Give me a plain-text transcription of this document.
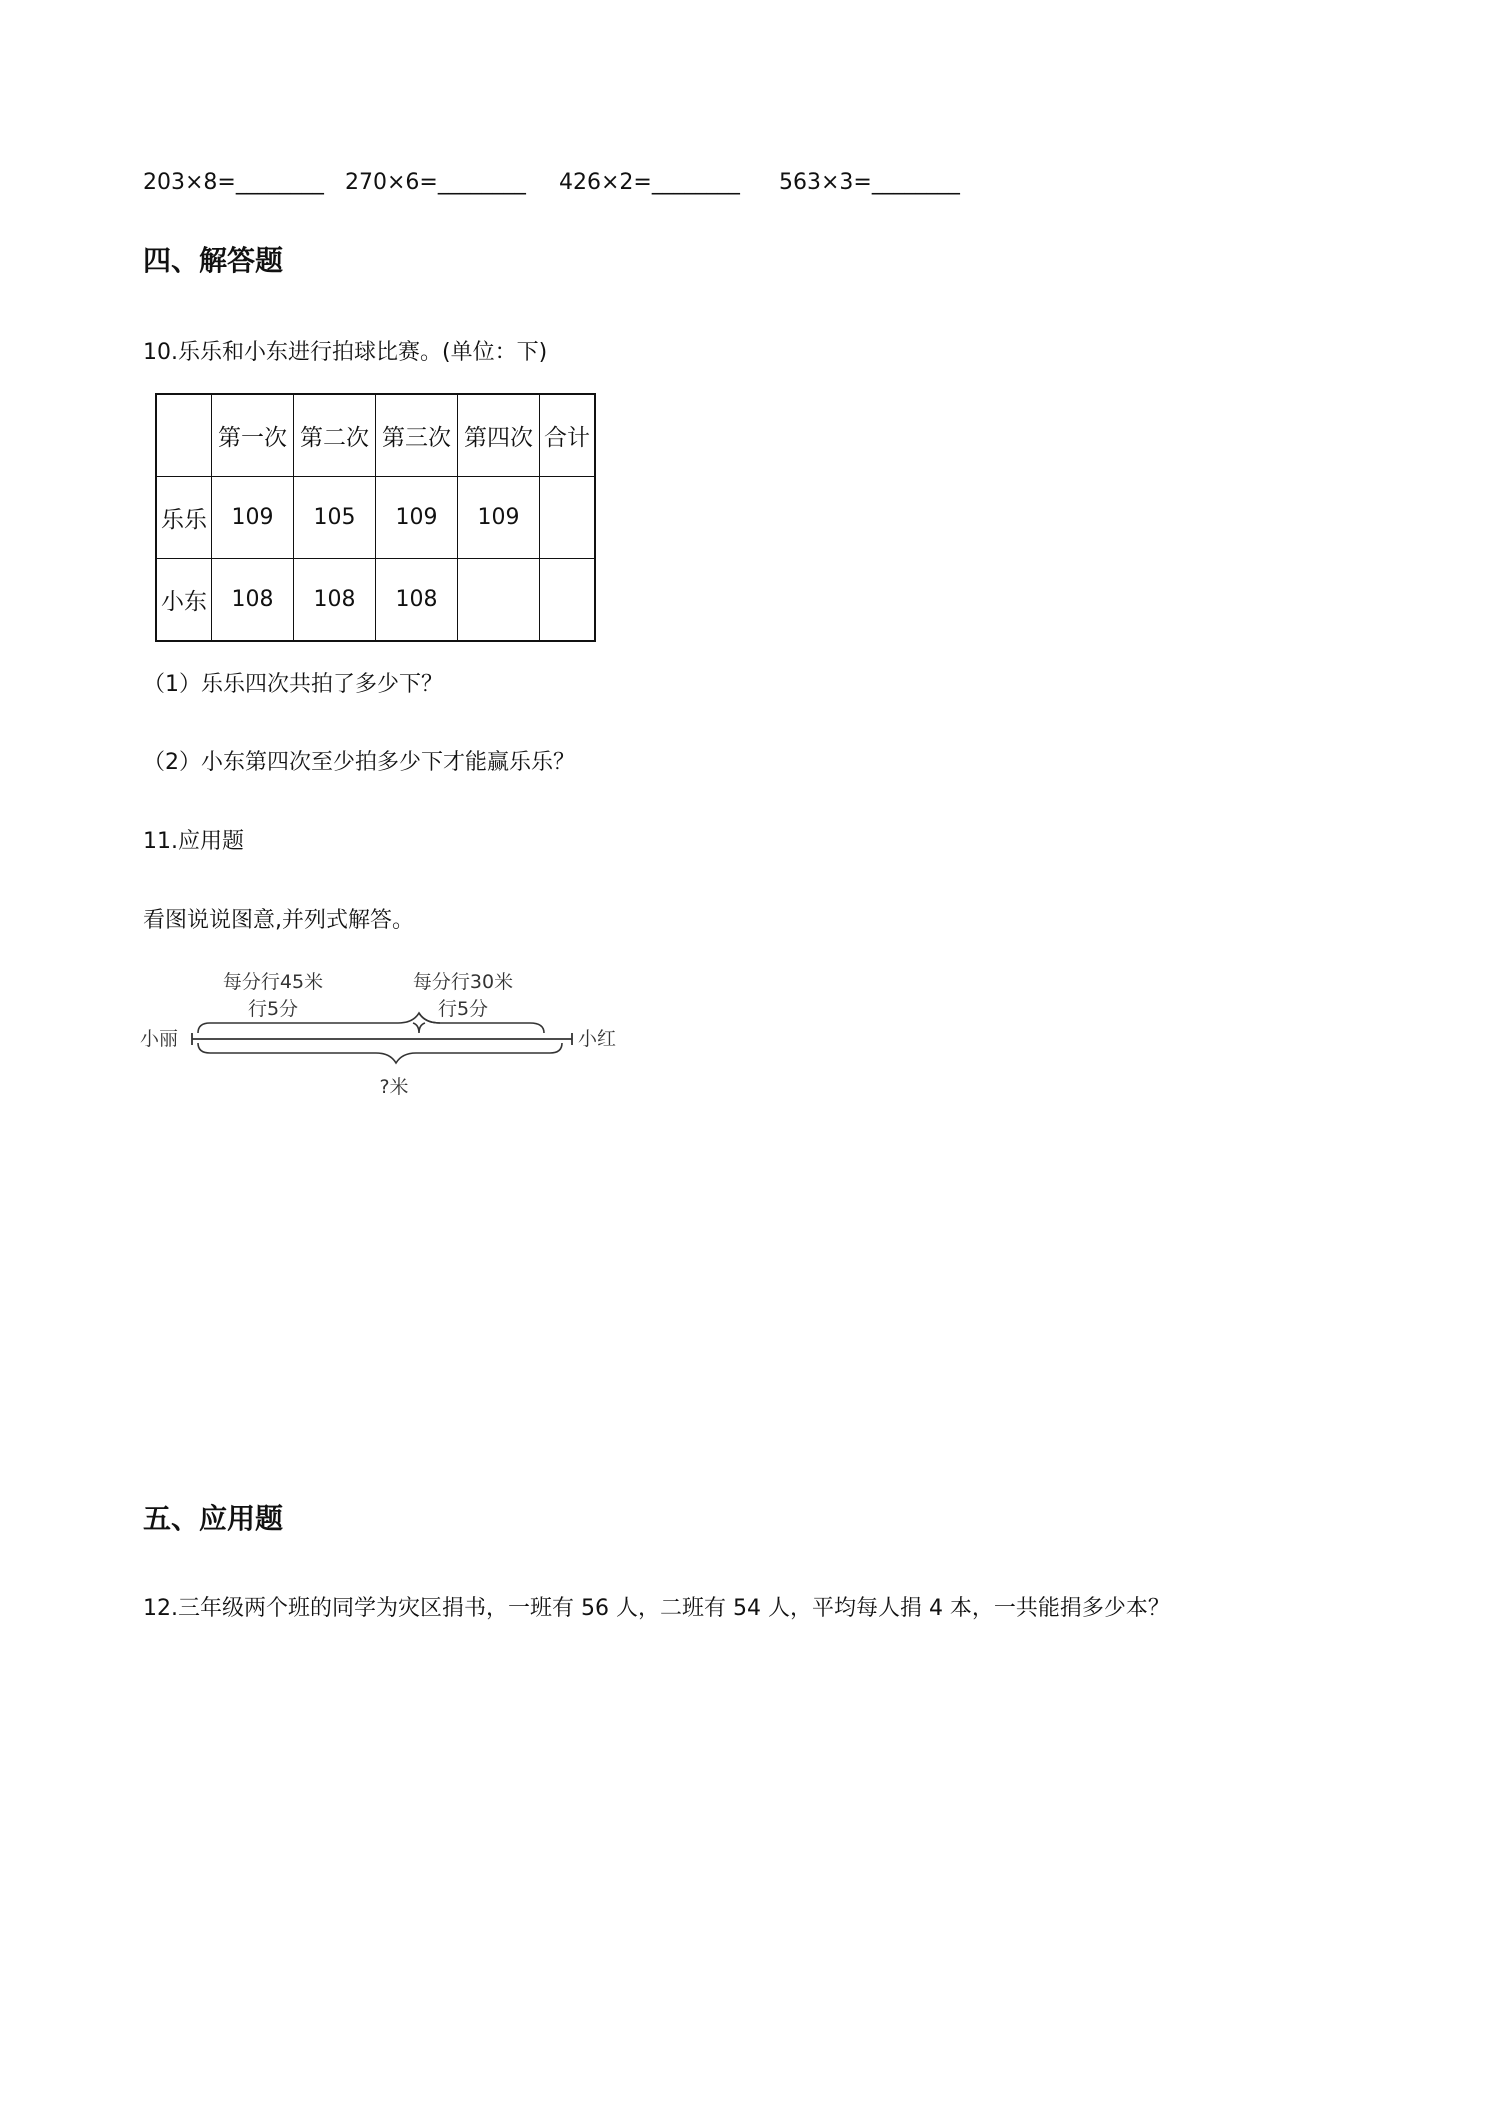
203×8=________ 270×6=________ 426×2=________ 563×3=________
四、解答题
10.乐乐和小东进行拍球比赛。(单位：下)
	第一次	第二次	第三次	第四次	合计
乐乐	109	105	109	109	
小东	108	108	108		
（1）乐乐四次共拍了多少下？
（2）小东第四次至少拍多少下才能赢乐乐？
11.应用题
看图说说图意,并列式解答。
每分行45米
行5分
每分行30米
行5分
小丽	小红
?米
五、应用题
12.三年级两个班的同学为灾区捐书，一班有 56 人，二班有 54 人，平均每人捐 4 本，一共能捐多少本？
